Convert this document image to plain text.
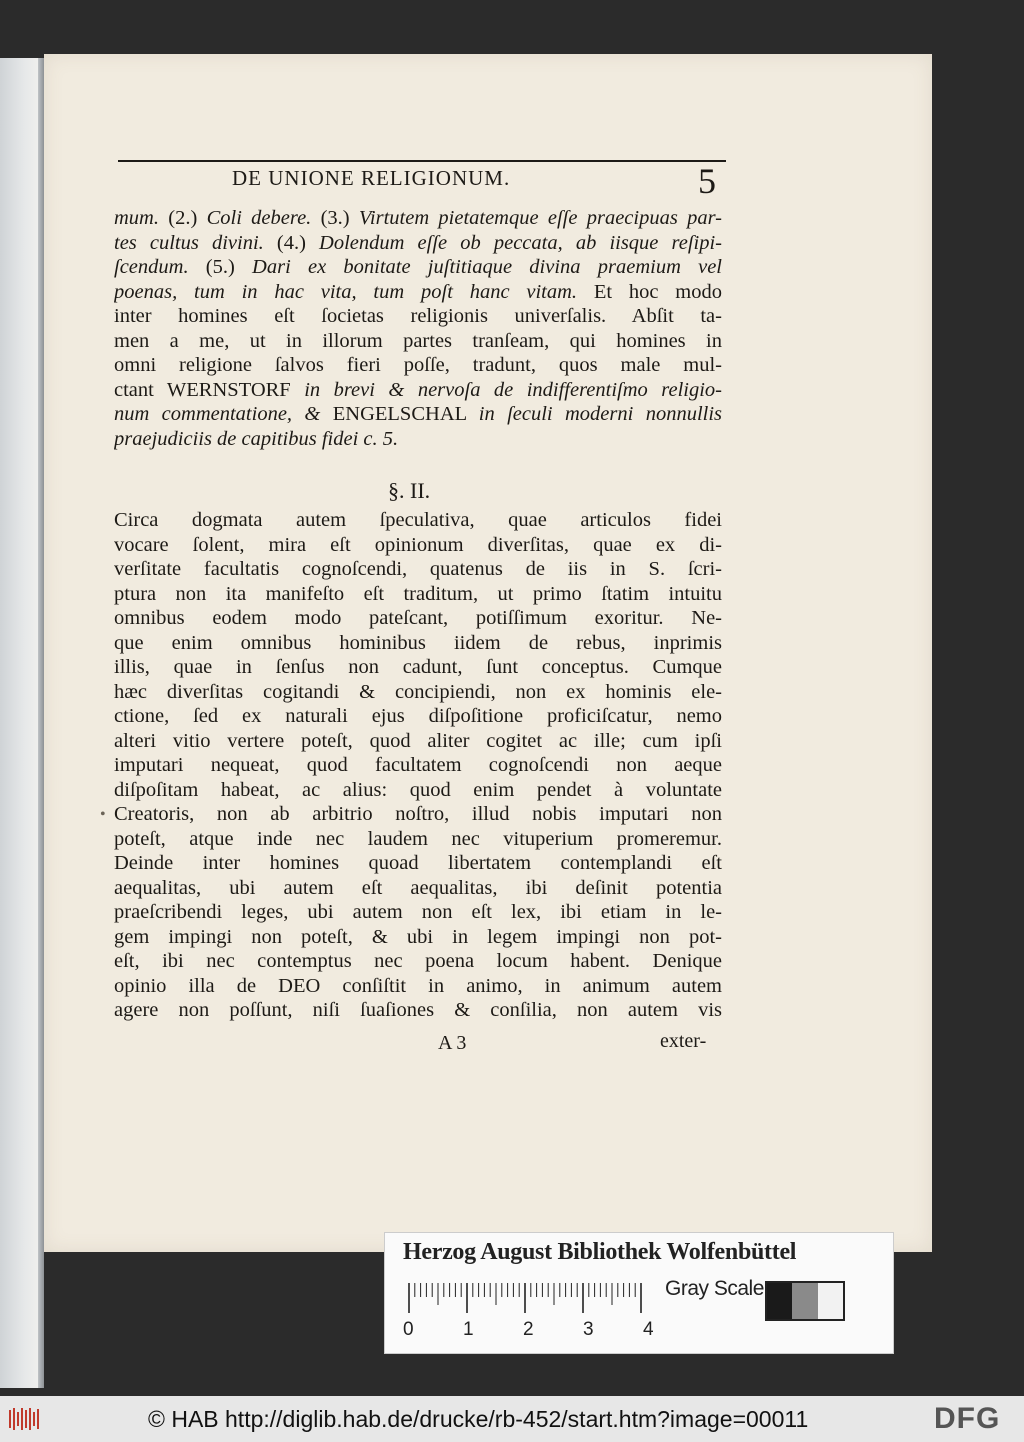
DE UNIONE RELIGIONUM.	5
mum. (2.) Coli debere. (3.) Virtutem pietatemque eſſe praecipuas par-
tes cultus divini. (4.) Dolendum eſſe ob peccata, ab iisque reſipi-
ſcendum. (5.) Dari ex bonitate juſtitiaque divina praemium vel
poenas, tum in hac vita, tum poſt hanc vitam. Et hoc modo
inter homines eſt ſocietas religionis univerſalis. Abſit ta-
men a me, ut in illorum partes tranſeam, qui homines in
omni religione ſalvos fieri poſſe, tradunt, quos male mul-
ctant WERNSTORF in brevi & nervoſa de indifferentiſmo religio-
num commentatione, & ENGELSCHAL in ſeculi moderni nonnullis
praejudiciis de capitibus fidei c. 5.
§. II.
Circa dogmata autem ſpeculativa, quae articulos fidei
vocare ſolent, mira eſt opinionum diverſitas, quae ex di-
verſitate facultatis cognoſcendi, quatenus de iis in S. ſcri-
ptura non ita manifeſto eſt traditum, ut primo ſtatim intuitu
omnibus eodem modo pateſcant, potiſſimum exoritur. Ne-
que enim omnibus hominibus iidem de rebus, inprimis
illis, quae in ſenſus non cadunt, ſunt conceptus. Cumque
hæc diverſitas cogitandi & concipiendi, non ex hominis ele-
ctione, ſed ex naturali ejus diſpoſitione proficiſcatur, nemo
alteri vitio vertere poteſt, quod aliter cogitet ac ille; cum ipſi
imputari nequeat, quod facultatem cognoſcendi non aeque
diſpoſitam habeat, ac alius: quod enim pendet à voluntate
Creatoris, non ab arbitrio noſtro, illud nobis imputari non
poteſt, atque inde nec laudem nec vituperium promeremur.
Deinde inter homines quoad libertatem contemplandi eſt
aequalitas, ubi autem eſt aequalitas, ibi deſinit potentia
praeſcribendi leges, ubi autem non eſt lex, ibi etiam in le-
gem impingi non poteſt, & ubi in legem impingi non pot-
eſt, ibi nec contemptus nec poena locum habent. Denique
opinio illa de DEO conſiſtit in animo, in animum autem
agere non poſſunt, niſi ſuaſiones & conſilia, non autem vis
A 3	exter-
•
Herzog August Bibliothek Wolfenbüttel
0	1	2	3	4
Gray Scale
© HAB http://diglib.hab.de/drucke/rb-452/start.htm?image=00011	DFG
